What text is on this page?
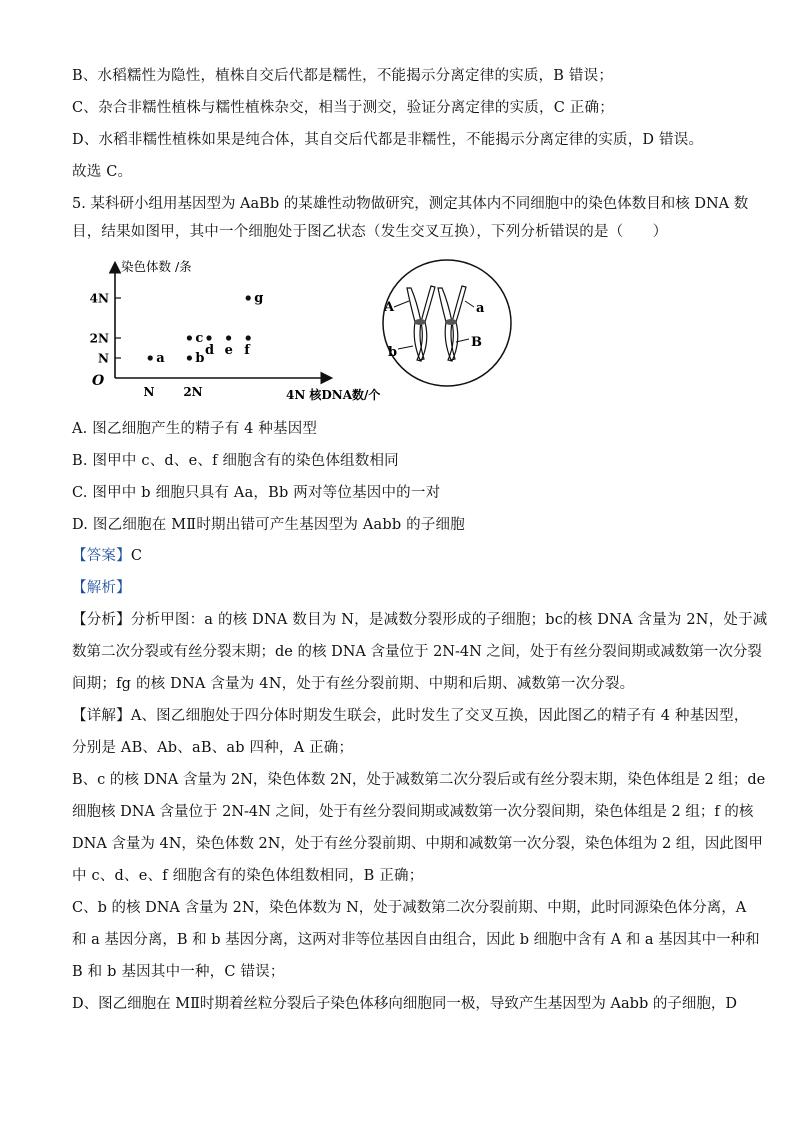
B、水稻糯性为隐性，植株自交后代都是糯性，不能揭示分离定律的实质，B 错误；
C、杂合非糯性植株与糯性植株杂交，相当于测交，验证分离定律的实质，C 正确；
D、水稻非糯性植株如果是纯合体，其自交后代都是非糯性，不能揭示分离定律的实质，D 错误。
故选 C。
5. 某科研小组用基因型为 AaBb 的某雄性动物做研究，测定其体内不同细胞中的染色体数目和核 DNA 数
目，结果如图甲，其中一个细胞处于图乙状态（发生交叉互换），下列分析错误的是（　　）
染色体数 /条
4N 核DNA数/个
O
N
2N
4N
N 2N
a b
c
d e f
g
A	a
b
B
A. 图乙细胞产生的精子有 4 种基因型
B. 图甲中 c、d、e、f 细胞含有的染色体组数相同
C. 图甲中 b 细胞只具有 Aa，Bb 两对等位基因中的一对
D. 图乙细胞在 MⅡ时期出错可产生基因型为 Aabb 的子细胞
【答案】C
【解析】
【分析】分析甲图：a 的核 DNA 数目为 N，是减数分裂形成的子细胞；bc的核 DNA 含量为 2N，处于减
数第二次分裂或有丝分裂末期；de 的核 DNA 含量位于 2N-4N 之间，处于有丝分裂间期或减数第一次分裂
间期；fg 的核 DNA 含量为 4N，处于有丝分裂前期、中期和后期、减数第一次分裂。
【详解】A、图乙细胞处于四分体时期发生联会，此时发生了交叉互换，因此图乙的精子有 4 种基因型，
分别是 AB、Ab、aB、ab 四种，A 正确；
B、c 的核 DNA 含量为 2N，染色体数 2N，处于减数第二次分裂后或有丝分裂末期，染色体组是 2 组；de
细胞核 DNA 含量位于 2N-4N 之间，处于有丝分裂间期或减数第一次分裂间期，染色体组是 2 组；f 的核
DNA 含量为 4N，染色体数 2N，处于有丝分裂前期、中期和减数第一次分裂，染色体组为 2 组，因此图甲
中 c、d、e、f 细胞含有的染色体组数相同，B 正确；
C、b 的核 DNA 含量为 2N，染色体数为 N，处于减数第二次分裂前期、中期，此时同源染色体分离，A
和 a 基因分离，B 和 b 基因分离，这两对非等位基因自由组合，因此 b 细胞中含有 A 和 a 基因其中一种和
B 和 b 基因其中一种，C 错误；
D、图乙细胞在 MⅡ时期着丝粒分裂后子染色体移向细胞同一极，导致产生基因型为 Aabb 的子细胞，D
